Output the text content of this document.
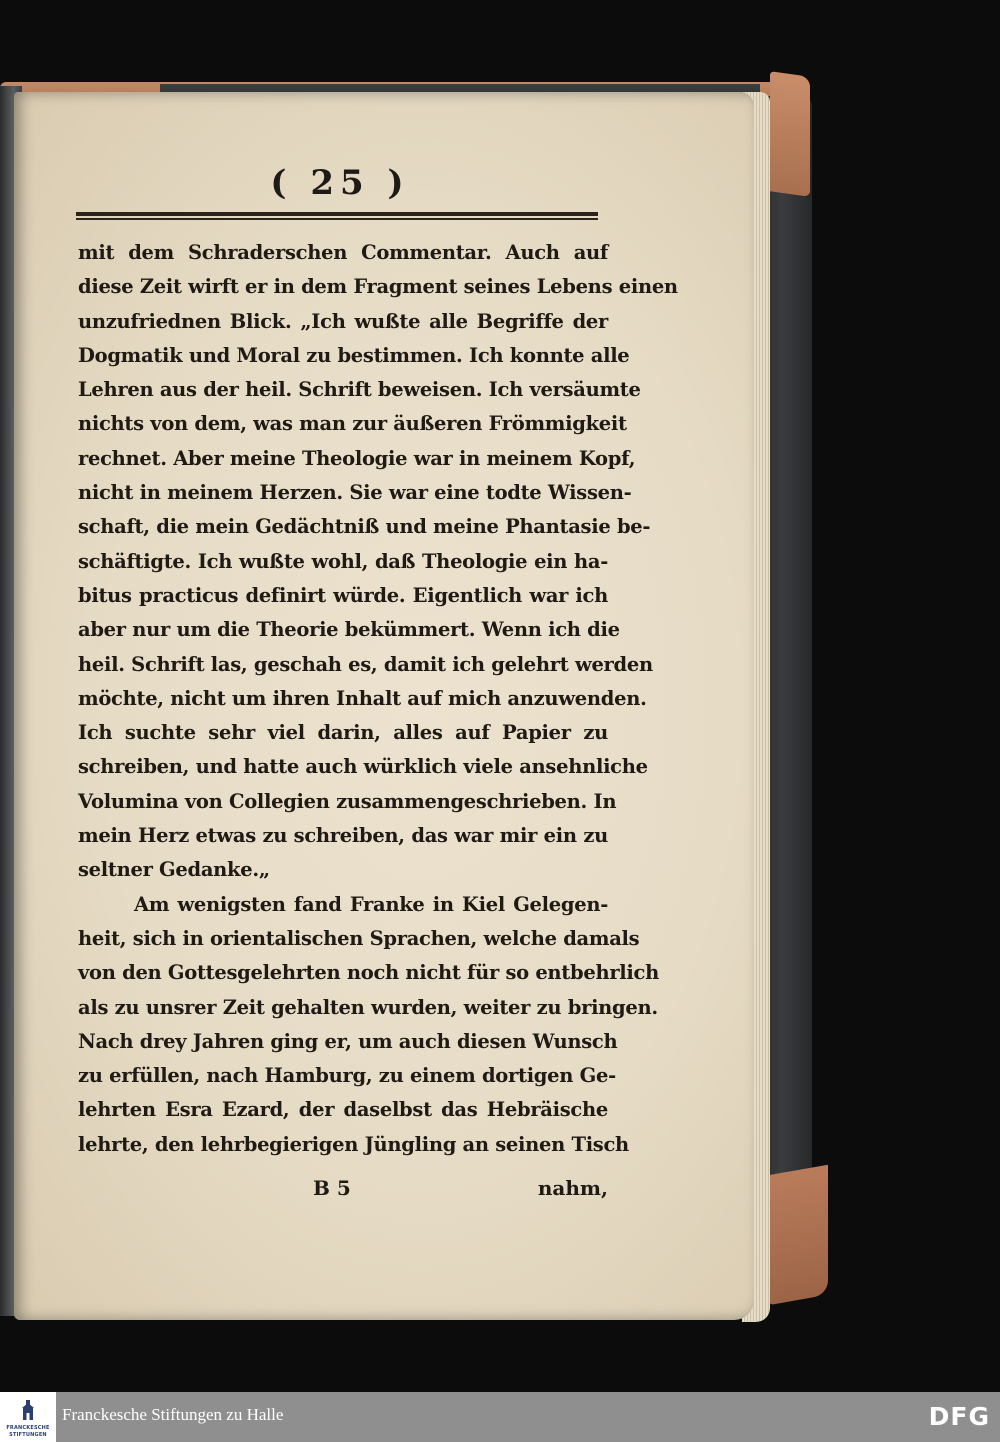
( 25 )
mit dem Schraderschen Commentar. Auch auf
diese Zeit wirft er in dem Fragment seines Lebens einen
unzufriednen Blick. „Ich wußte alle Begriffe der
Dogmatik und Moral zu bestimmen. Ich konnte alle
Lehren aus der heil. Schrift beweisen. Ich versäumte
nichts von dem, was man zur äußeren Frömmigkeit
rechnet. Aber meine Theologie war in meinem Kopf,
nicht in meinem Herzen. Sie war eine todte Wissen-
schaft, die mein Gedächtniß und meine Phantasie be-
schäftigte. Ich wußte wohl, daß Theologie ein ha-
bitus practicus definirt würde. Eigentlich war ich
aber nur um die Theorie bekümmert. Wenn ich die
heil. Schrift las, geschah es, damit ich gelehrt werden
möchte, nicht um ihren Inhalt auf mich anzuwenden.
Ich suchte sehr viel darin, alles auf Papier zu
schreiben, und hatte auch würklich viele ansehnliche
Volumina von Collegien zusammengeschrieben. In
mein Herz etwas zu schreiben, das war mir ein zu
seltner Gedanke.„
Am wenigsten fand Franke in Kiel Gelegen-
heit, sich in orientalischen Sprachen, welche damals
von den Gottesgelehrten noch nicht für so entbehrlich
als zu unsrer Zeit gehalten wurden, weiter zu bringen.
Nach drey Jahren ging er, um auch diesen Wunsch
zu erfüllen, nach Hamburg, zu einem dortigen Ge-
lehrten Esra Ezard, der daselbst das Hebräische
lehrte, den lehrbegierigen Jüngling an seinen Tisch
B 5	nahm,
FRANCKESCHE
STIFTUNGEN
Franckesche Stiftungen zu Halle	DFG
